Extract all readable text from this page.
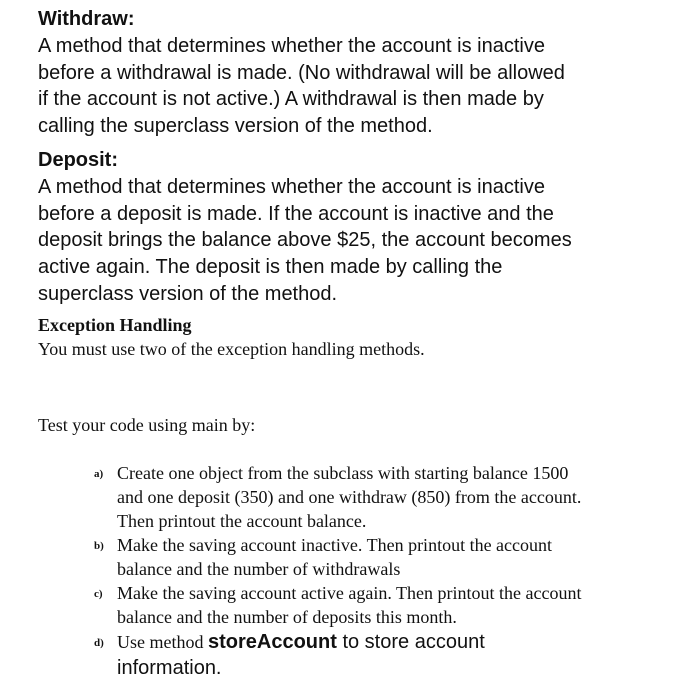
Withdraw:

A method that determines whether the account is inactive

before a withdrawal is made. (No withdrawal will be allowed

if the account is not active.) A withdrawal is then made by

calling the superclass version of the method.

Deposit:

A method that determines whether the account is inactive

before a deposit is made. If the account is inactive and the

deposit brings the balance above $25, the account becomes

active again. The deposit is then made by calling the

superclass version of the method.

Exception Handling

You must use two of the exception handling methods.

Test your code using main by:

a) Create one object from the subclass with starting balance 1500
and one deposit (350) and one withdraw (850) from the account.
Then printout the account balance.
b) Make the saving account inactive. Then printout the account
balance and the number of withdrawals
c) Make the saving account active again. Then printout the account
balance and the number of deposits this month.
d) Use method storeAccount to store account
information.
